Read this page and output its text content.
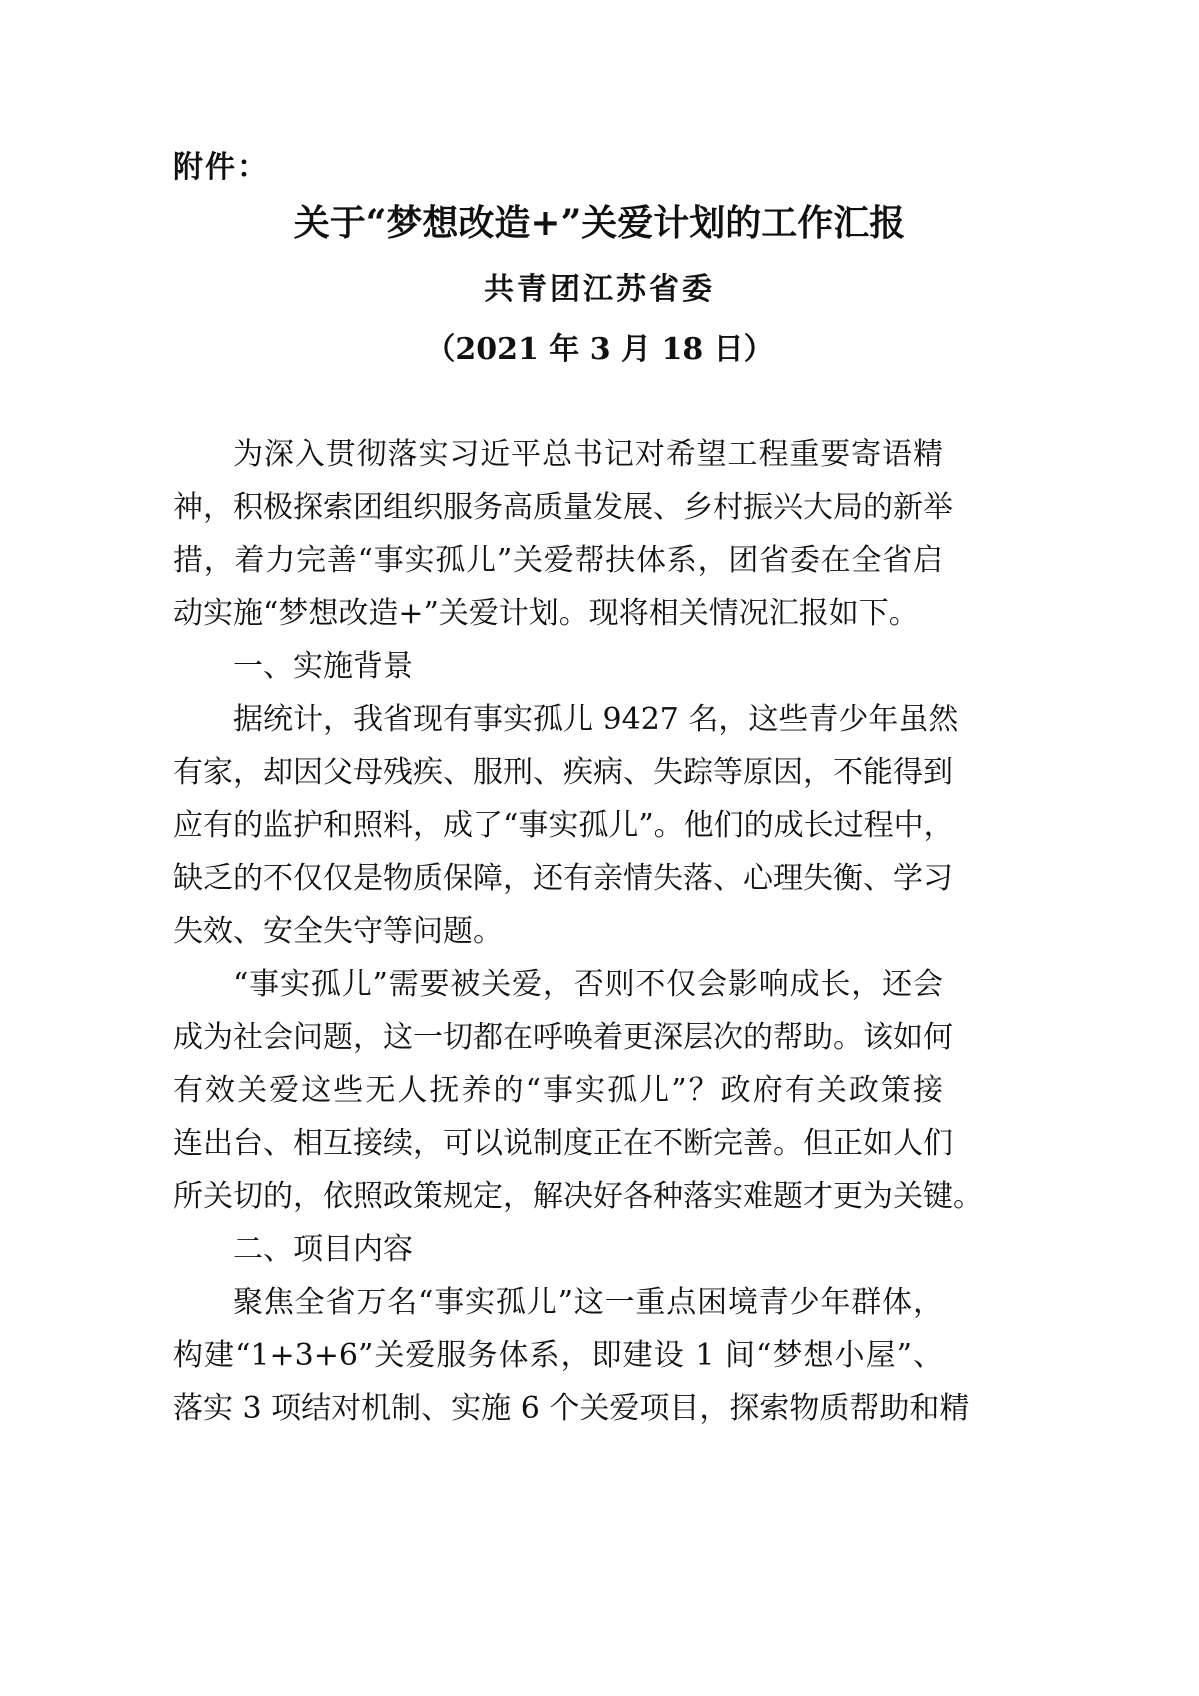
附件：
关于“梦想改造+”关爱计划的工作汇报
共青团江苏省委
（2021 年 3 月 18 日）
为深入贯彻落实习近平总书记对希望工程重要寄语精
神，积极探索团组织服务高质量发展、乡村振兴大局的新举
措，着力完善“事实孤儿”关爱帮扶体系，团省委在全省启
动实施“梦想改造+”关爱计划。现将相关情况汇报如下。
一、实施背景
据统计，我省现有事实孤儿 9427 名，这些青少年虽然
有家，却因父母残疾、服刑、疾病、失踪等原因，不能得到
应有的监护和照料，成了“事实孤儿”。他们的成长过程中，
缺乏的不仅仅是物质保障，还有亲情失落、心理失衡、学习
失效、安全失守等问题。
“事实孤儿”需要被关爱，否则不仅会影响成长，还会
成为社会问题，这一切都在呼唤着更深层次的帮助。该如何
有效关爱这些无人抚养的“事实孤儿”？政府有关政策接
连出台、相互接续，可以说制度正在不断完善。但正如人们
所关切的，依照政策规定，解决好各种落实难题才更为关键。
二、项目内容
聚焦全省万名“事实孤儿”这一重点困境青少年群体，
构建“1+3+6”关爱服务体系，即建设 1 间“梦想小屋”、
落实 3 项结对机制、实施 6 个关爱项目，探索物质帮助和精
